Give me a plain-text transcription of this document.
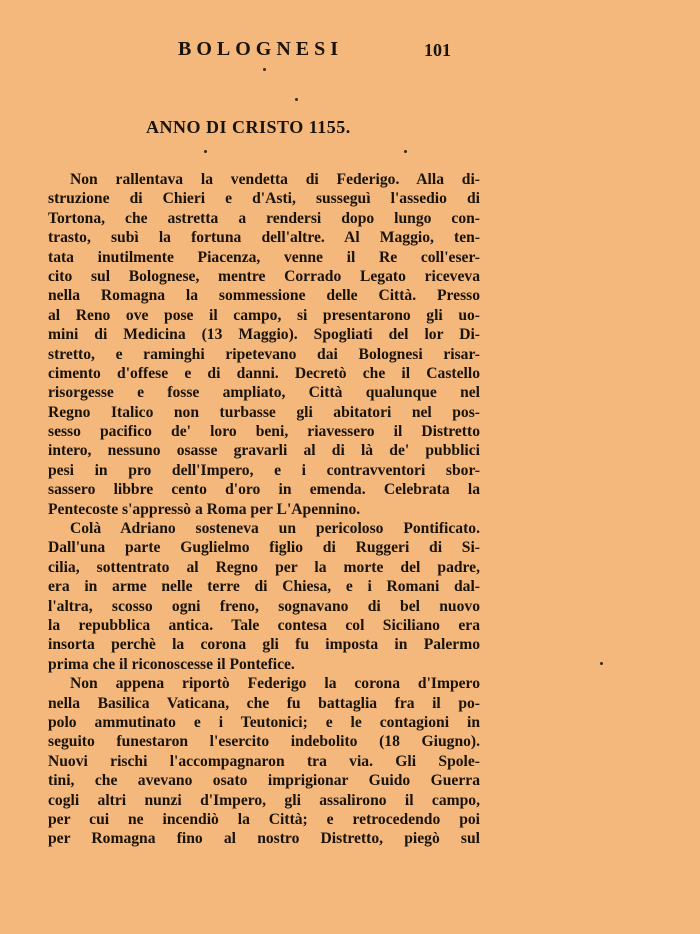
BOLOGNESI	101
ANNO DI CRISTO 1155.
Non rallentava la vendetta di Federigo. Alla di-
struzione di Chieri e d'Asti, susseguì l'assedio di
Tortona, che astretta a rendersi dopo lungo con-
trasto, subì la fortuna dell'altre. Al Maggio, ten-
tata inutilmente Piacenza, venne il Re coll'eser-
cito sul Bolognese, mentre Corrado Legato riceveva
nella Romagna la sommessione delle Città. Presso
al Reno ove pose il campo, si presentarono gli uo-
mini di Medicina (13 Maggio). Spogliati del lor Di-
stretto, e raminghi ripetevano dai Bolognesi risar-
cimento d'offese e di danni. Decretò che il Castello
risorgesse e fosse ampliato, Città qualunque nel
Regno Italico non turbasse gli abitatori nel pos-
sesso pacifico de' loro beni, riavessero il Distretto
intero, nessuno osasse gravarli al di là de' pubblici
pesi in pro dell'Impero, e i contravventori sbor-
sassero libbre cento d'oro in emenda. Celebrata la
Pentecoste s'appressò a Roma per L'Apennino.
Colà Adriano sosteneva un pericoloso Pontificato.
Dall'una parte Guglielmo figlio di Ruggeri di Si-
cilia, sottentrato al Regno per la morte del padre,
era in arme nelle terre di Chiesa, e i Romani dal-
l'altra, scosso ogni freno, sognavano di bel nuovo
la repubblica antica. Tale contesa col Siciliano era
insorta perchè la corona gli fu imposta in Palermo
prima che il riconoscesse il Pontefice.
Non appena riportò Federigo la corona d'Impero
nella Basilica Vaticana, che fu battaglia fra il po-
polo ammutinato e i Teutonici; e le contagioni in
seguito funestaron l'esercito indebolito (18 Giugno).
Nuovi rischi l'accompagnaron tra via. Gli Spole-
tini, che avevano osato imprigionar Guido Guerra
cogli altri nunzi d'Impero, gli assalirono il campo,
per cui ne incendiò la Città; e retrocedendo poi
per Romagna fino al nostro Distretto, piegò sul
